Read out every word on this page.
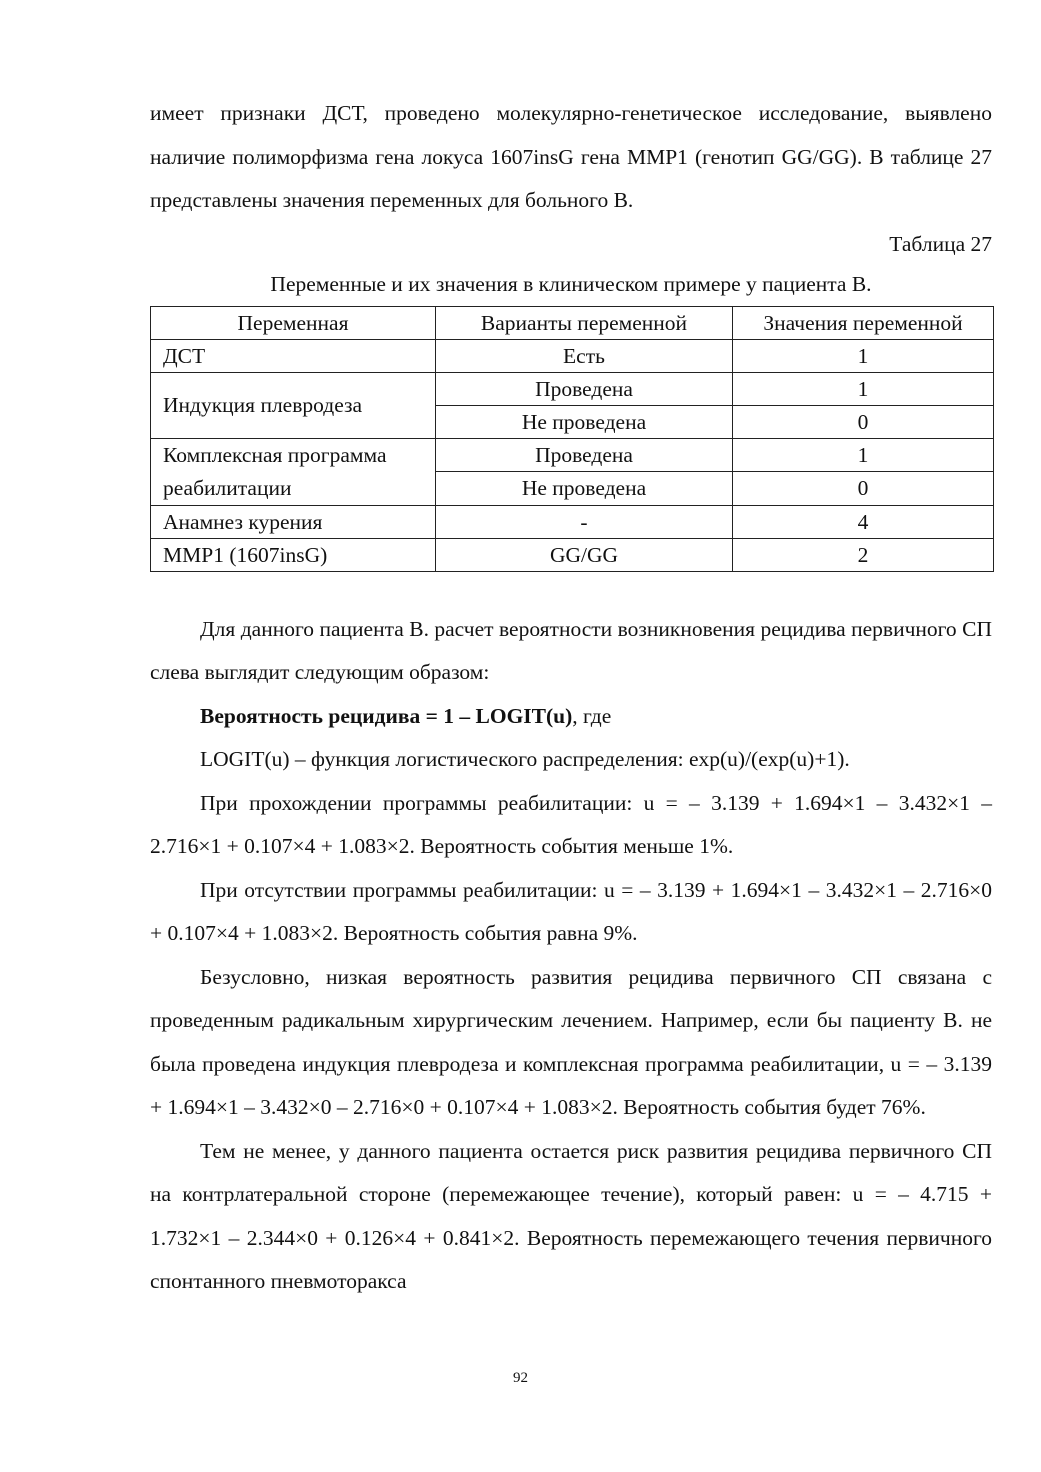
имеет признаки ДСТ, проведено молекулярно-генетическое исследование, выявлено наличие полиморфизма гена локуса 1607insG гена MMP1 (генотип GG/GG). В таблице 27 представлены значения переменных для больного В.

Таблица 27

Переменные и их значения в клиническом примере у пациента В.

Переменная	Варианты переменной	Значения переменной
ДСТ	Есть	1
Индукция плевродеза	Проведена	1
	Не проведена	0
Комплексная программа реабилитации	Проведена	1
	Не проведена	0
Анамнез курения	-	4
MMP1 (1607insG)	GG/GG	2

Для данного пациента В. расчет вероятности возникновения рецидива первичного СП слева выглядит следующим образом:

Вероятность рецидива = 1 – LOGIT(u), где

LOGIT(u) – функция логистического распределения: exp(u)/(exp(u)+1).

При прохождении программы реабилитации: u = – 3.139 + 1.694×1 – 3.432×1 – 2.716×1 + 0.107×4 + 1.083×2. Вероятность события меньше 1%.

При отсутствии программы реабилитации: u = – 3.139 + 1.694×1 – 3.432×1 – 2.716×0 + 0.107×4 + 1.083×2. Вероятность события равна 9%.

Безусловно, низкая вероятность развития рецидива первичного СП связана с проведенным радикальным хирургическим лечением. Например, если бы пациенту В. не была проведена индукция плевродеза и комплексная программа реабилитации, u = – 3.139 + 1.694×1 – 3.432×0 – 2.716×0 + 0.107×4 + 1.083×2. Вероятность события будет 76%.

Тем не менее, у данного пациента остается риск развития рецидива первичного СП на контрлатеральной стороне (перемежающее течение), который равен: u = – 4.715 + 1.732×1 – 2.344×0 + 0.126×4 + 0.841×2. Вероятность перемежающего течения первичного спонтанного пневмоторакса

92
